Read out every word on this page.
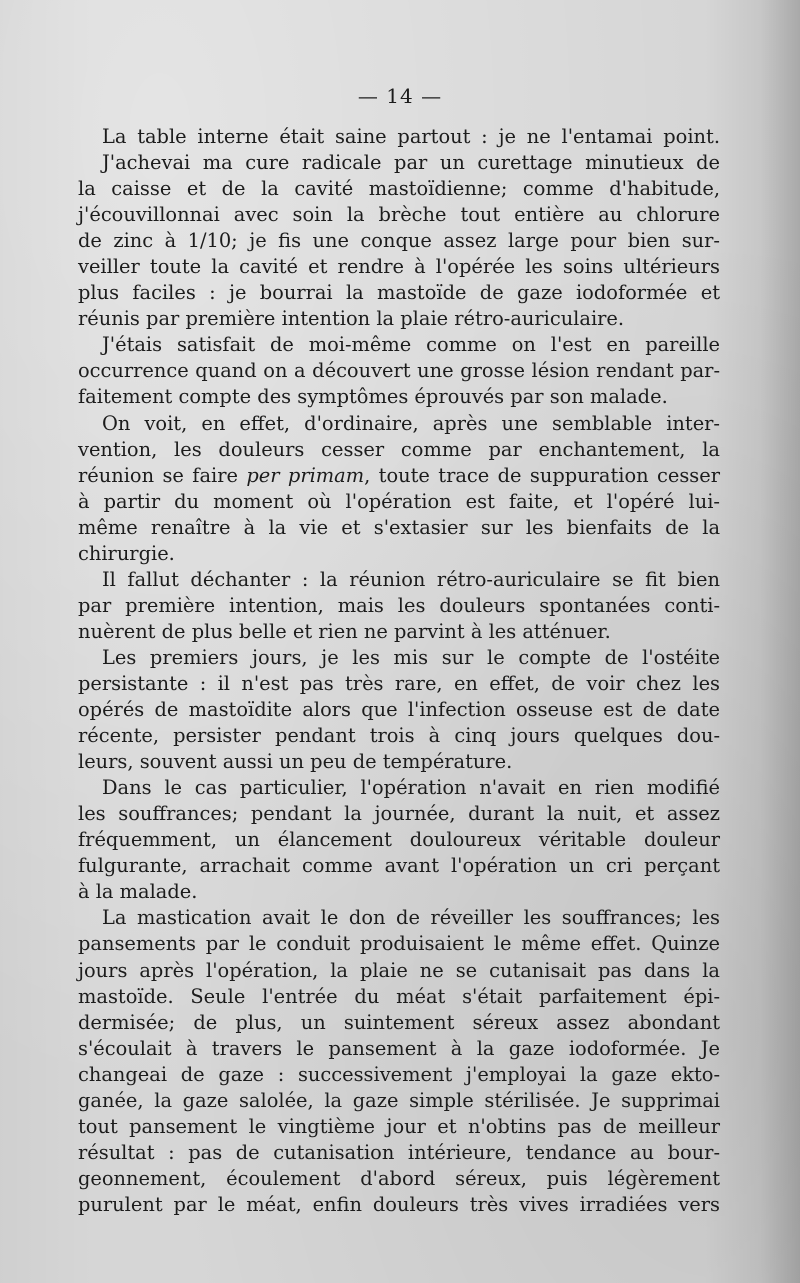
— 14 —
La table interne était saine partout : je ne l'entamai point.
J'achevai ma cure radicale par un curettage minutieux de
la caisse et de la cavité mastoïdienne; comme d'habitude,
j'écouvillonnai avec soin la brèche tout entière au chlorure
de zinc à 1/10; je fis une conque assez large pour bien sur-
veiller toute la cavité et rendre à l'opérée les soins ultérieurs
plus faciles : je bourrai la mastoïde de gaze iodoformée et
réunis par première intention la plaie rétro-auriculaire.
J'étais satisfait de moi-même comme on l'est en pareille
occurrence quand on a découvert une grosse lésion rendant par-
faitement compte des symptômes éprouvés par son malade.
On voit, en effet, d'ordinaire, après une semblable inter-
vention, les douleurs cesser comme par enchantement, la
réunion se faire per primam, toute trace de suppuration cesser
à partir du moment où l'opération est faite, et l'opéré lui-
même renaître à la vie et s'extasier sur les bienfaits de la
chirurgie.
Il fallut déchanter : la réunion rétro-auriculaire se fit bien
par première intention, mais les douleurs spontanées conti-
nuèrent de plus belle et rien ne parvint à les atténuer.
Les premiers jours, je les mis sur le compte de l'ostéite
persistante : il n'est pas très rare, en effet, de voir chez les
opérés de mastoïdite alors que l'infection osseuse est de date
récente, persister pendant trois à cinq jours quelques dou-
leurs, souvent aussi un peu de température.
Dans le cas particulier, l'opération n'avait en rien modifié
les souffrances; pendant la journée, durant la nuit, et assez
fréquemment, un élancement douloureux véritable douleur
fulgurante, arrachait comme avant l'opération un cri perçant
à la malade.
La mastication avait le don de réveiller les souffrances; les
pansements par le conduit produisaient le même effet. Quinze
jours après l'opération, la plaie ne se cutanisait pas dans la
mastoïde. Seule l'entrée du méat s'était parfaitement épi-
dermisée; de plus, un suintement séreux assez abondant
s'écoulait à travers le pansement à la gaze iodoformée. Je
changeai de gaze : successivement j'employai la gaze ekto-
ganée, la gaze salolée, la gaze simple stérilisée. Je supprimai
tout pansement le vingtième jour et n'obtins pas de meilleur
résultat : pas de cutanisation intérieure, tendance au bour-
geonnement, écoulement d'abord séreux, puis légèrement
purulent par le méat, enfin douleurs très vives irradiées vers
